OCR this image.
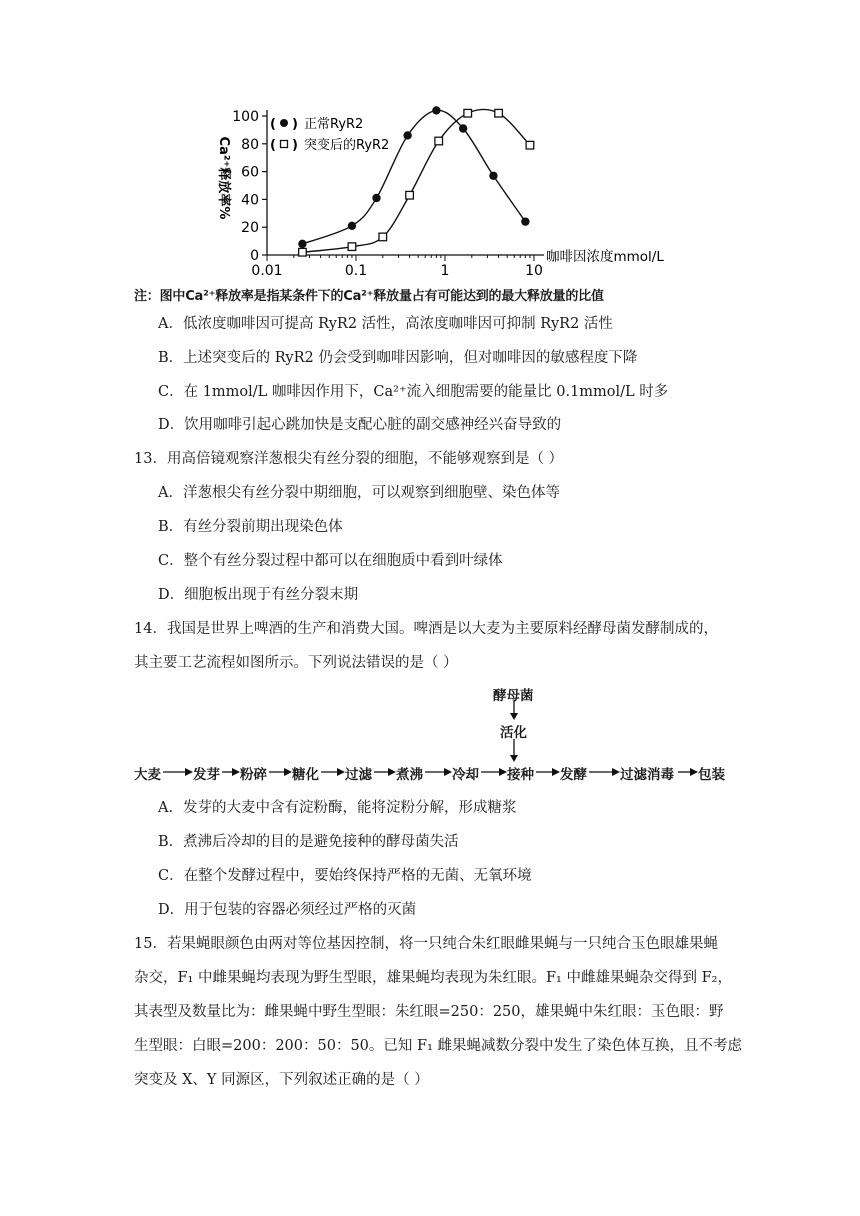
0
20
40
60
80
100
0.01	0.1	1	10
Ca²⁺释放率%
咖啡因浓度mmol/L
( ) 正常RyR2
( ) 突变后的RyR2
注：图中Ca²⁺释放率是指某条件下的Ca²⁺释放量占有可能达到的最大释放量的比值
A．低浓度咖啡因可提高 RyR2 活性，高浓度咖啡因可抑制 RyR2 活性
B．上述突变后的 RyR2 仍会受到咖啡因影响，但对咖啡因的敏感程度下降
C．在 1mmol/L 咖啡因作用下，Ca²⁺流入细胞需要的能量比 0.1mmol/L 时多
D．饮用咖啡引起心跳加快是支配心脏的副交感神经兴奋导致的
13．用高倍镜观察洋葱根尖有丝分裂的细胞，不能够观察到是（ ）
A．洋葱根尖有丝分裂中期细胞，可以观察到细胞壁、染色体等
B．有丝分裂前期出现染色体
C．整个有丝分裂过程中都可以在细胞质中看到叶绿体
D．细胞板出现于有丝分裂末期
14．我国是世界上啤酒的生产和消费大国。啤酒是以大麦为主要原料经酵母菌发酵制成的，
其主要工艺流程如图所示。下列说法错误的是（ ）
酵母菌
活化
大麦 发芽 粉碎 糖化 过滤 煮沸 冷却 接种 发酵 过滤消毒 包装
A．发芽的大麦中含有淀粉酶，能将淀粉分解，形成糖浆
B．煮沸后冷却的目的是避免接种的酵母菌失活
C．在整个发酵过程中，要始终保持严格的无菌、无氧环境
D．用于包装的容器必须经过严格的灭菌
15．若果蝇眼颜色由两对等位基因控制，将一只纯合朱红眼雌果蝇与一只纯合玉色眼雄果蝇
杂交，F₁ 中雌果蝇均表现为野生型眼，雄果蝇均表现为朱红眼。F₁ 中雌雄果蝇杂交得到 F₂，
其表型及数量比为：雌果蝇中野生型眼：朱红眼=250：250，雄果蝇中朱红眼：玉色眼：野
生型眼：白眼=200：200：50：50。已知 F₁ 雌果蝇减数分裂中发生了染色体互换，且不考虑
突变及 X、Y 同源区，下列叙述正确的是（ ）
